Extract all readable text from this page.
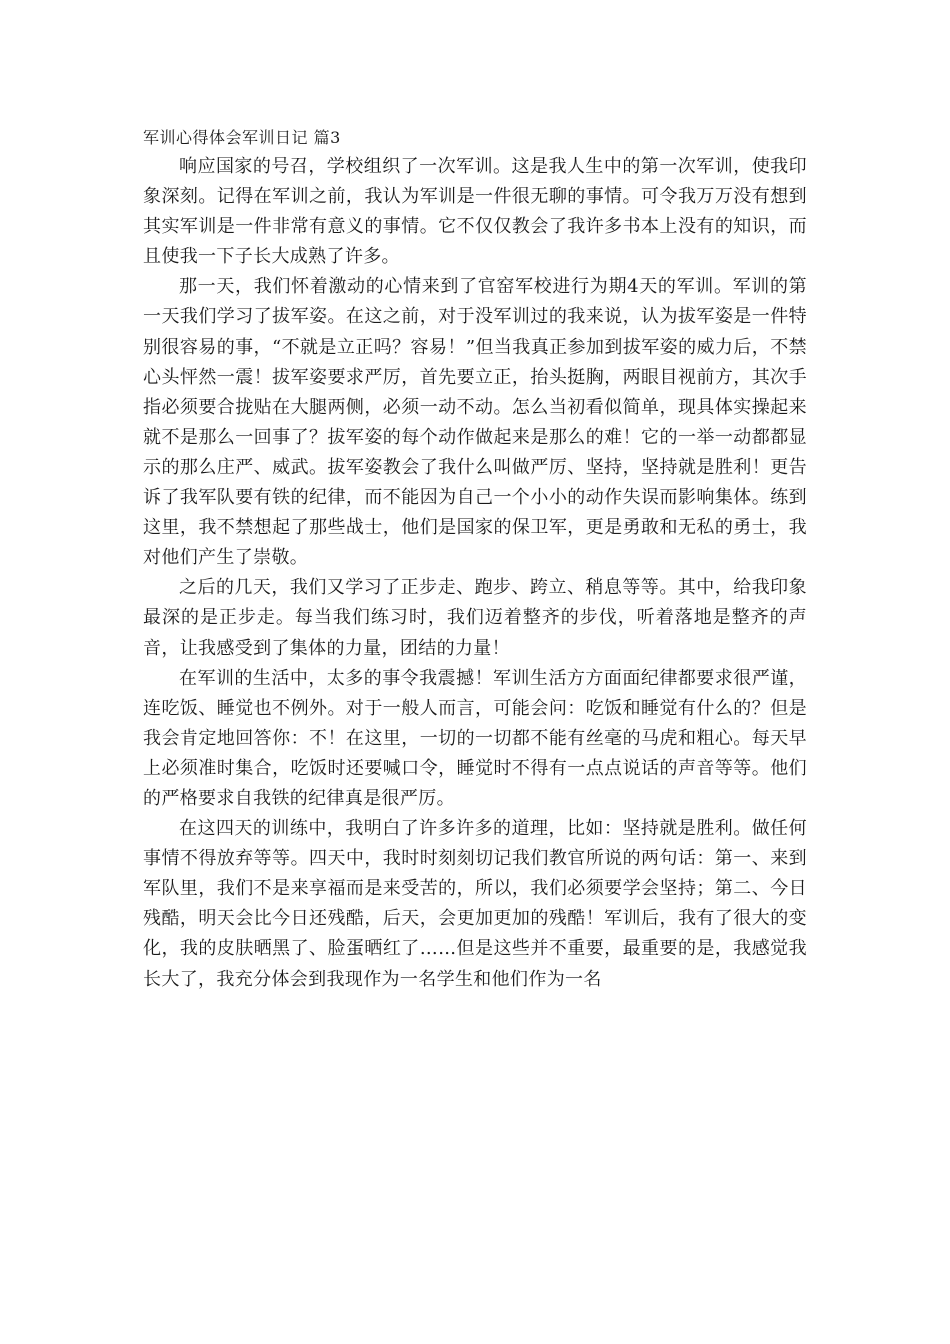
军训心得体会军训日记 篇3

响应国家的号召，学校组织了一次军训。这是我人生中的第一次军训，使我印象深刻。记得在军训之前，我认为军训是一件很无聊的事情。可令我万万没有想到其实军训是一件非常有意义的事情。它不仅仅教会了我许多书本上没有的知识，而且使我一下子长大成熟了许多。

那一天，我们怀着激动的心情来到了官窑军校进行为期4天的军训。军训的第一天我们学习了拔军姿。在这之前，对于没军训过的我来说，认为拔军姿是一件特别很容易的事，“不就是立正吗？容易！”但当我真正参加到拔军姿的威力后，不禁心头怦然一震！拔军姿要求严厉，首先要立正，抬头挺胸，两眼目视前方，其次手指必须要合拢贴在大腿两侧，必须一动不动。怎么当初看似简单，现具体实操起来就不是那么一回事了？拔军姿的每个动作做起来是那么的难！它的一举一动都都显示的那么庄严、威武。拔军姿教会了我什么叫做严厉、坚持，坚持就是胜利！更告诉了我军队要有铁的纪律，而不能因为自己一个小小的动作失误而影响集体。练到这里，我不禁想起了那些战士，他们是国家的保卫军，更是勇敢和无私的勇士，我对他们产生了崇敬。

之后的几天，我们又学习了正步走、跑步、跨立、稍息等等。其中，给我印象最深的是正步走。每当我们练习时，我们迈着整齐的步伐，听着落地是整齐的声音，让我感受到了集体的力量，团结的力量！

在军训的生活中，太多的事令我震撼！军训生活方方面面纪律都要求很严谨，连吃饭、睡觉也不例外。对于一般人而言，可能会问：吃饭和睡觉有什么的？但是我会肯定地回答你：不！在这里，一切的一切都不能有丝毫的马虎和粗心。每天早上必须准时集合，吃饭时还要喊口令，睡觉时不得有一点点说话的声音等等。他们的严格要求自我铁的纪律真是很严厉。

在这四天的训练中，我明白了许多许多的道理，比如：坚持就是胜利。做任何事情不得放弃等等。四天中，我时时刻刻切记我们教官所说的两句话：第一、来到军队里，我们不是来享福而是来受苦的，所以，我们必须要学会坚持；第二、今日残酷，明天会比今日还残酷，后天，会更加更加的残酷！军训后，我有了很大的变化，我的皮肤晒黑了、脸蛋晒红了……但是这些并不重要，最重要的是，我感觉我长大了，我充分体会到我现作为一名学生和他们作为一名
